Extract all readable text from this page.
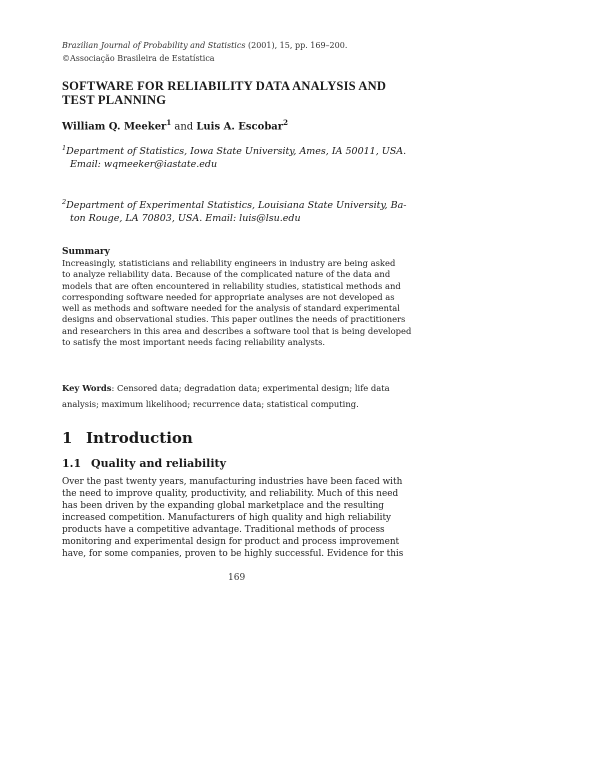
Brazilian Journal of Probability and Statistics (2001), 15, pp. 169–200.
©Associação Brasileira de Estatística
SOFTWARE FOR RELIABILITY DATA ANALYSIS AND
TEST PLANNING
William Q. Meeker$^1$ and Luis A. Escobar$^2$
$^1$Department of Statistics, Iowa State University, Ames, IA 50011, USA.
Email: wqmeeker@iastate.edu
$^2$Department of Experimental Statistics, Louisiana State University, Ba-
ton Rouge, LA 70803, USA. Email: luis@lsu.edu
Summary
Increasingly, statisticians and reliability engineers in industry are being asked
to analyze reliability data. Because of the complicated nature of the data and
models that are often encountered in reliability studies, statistical methods and
corresponding software needed for appropriate analyses are not developed as
well as methods and software needed for the analysis of standard experimental
designs and observational studies. This paper outlines the needs of practitioners
and researchers in this area and describes a software tool that is being developed
to satisfy the most important needs facing reliability analysts.
Key Words: Censored data; degradation data; experimental design; life data
analysis; maximum likelihood; recurrence data; statistical computing.
1 Introduction
1.1 Quality and reliability
Over the past twenty years, manufacturing industries have been faced with
the need to improve quality, productivity, and reliability. Much of this need
has been driven by the expanding global marketplace and the resulting
increased competition. Manufacturers of high quality and high reliability
products have a competitive advantage. Traditional methods of process
monitoring and experimental design for product and process improvement
have, for some companies, proven to be highly successful. Evidence for this
169
